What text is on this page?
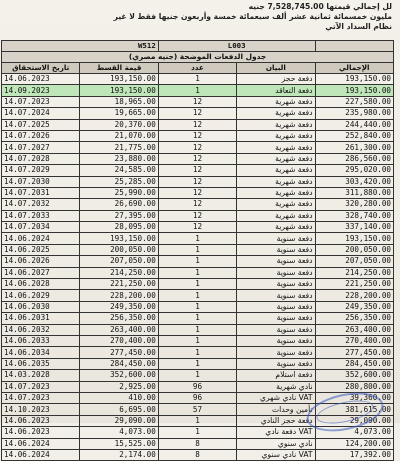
لل إجمالي قيمتها 7,528,745.00 جنيه
مليون خمسمائة ثمانية عشر ألف سبعمائة خمسة وأربعون جنيها فقط لا غير
نظام السداد الآتي
W512		L003		
جدول الدفعات الموضحة (جنيه مصري)				
تاريخ الاستحقاق	قيمة القسط	عدد	البيان	الإجمالي
14.06.2023	193,150.00	1	دفعة حجز	193,150.00
14.09.2023	193,150.00	1	دفعة التعاقد	193,150.00
14.07.2023	18,965.00	12	دفعة شهرية	227,580.00
14.07.2024	19,665.00	12	دفعة شهرية	235,980.00
14.07.2025	20,370.00	12	دفعة شهرية	244,440.00
14.07.2026	21,070.00	12	دفعة شهرية	252,840.00
14.07.2027	21,775.00	12	دفعة شهرية	261,300.00
14.07.2028	23,880.00	12	دفعة شهرية	286,560.00
14.07.2029	24,585.00	12	دفعة شهرية	295,020.00
14.07.2030	25,285.00	12	دفعة شهرية	303,420.00
14.07.2031	25,990.00	12	دفعة شهرية	311,880.00
14.07.2032	26,690.00	12	دفعة شهرية	320,280.00
14.07.2033	27,395.00	12	دفعة شهرية	328,740.00
14.07.2034	28,095.00	12	دفعة شهرية	337,140.00
14.06.2024	193,150.00	1	دفعة سنوية	193,150.00
14.06.2025	200,050.00	1	دفعة سنوية	200,050.00
14.06.2026	207,050.00	1	دفعة سنوية	207,050.00
14.06.2027	214,250.00	1	دفعة سنوية	214,250.00
14.06.2028	221,250.00	1	دفعة سنوية	221,250.00
14.06.2029	228,200.00	1	دفعة سنوية	228,200.00
14.06.2030	249,350.00	1	دفعة سنوية	249,350.00
14.06.2031	256,350.00	1	دفعة سنوية	256,350.00
14.06.2032	263,400.00	1	دفعة سنوية	263,400.00
14.06.2033	270,400.00	1	دفعة سنوية	270,400.00
14.06.2034	277,450.00	1	دفعة سنوية	277,450.00
14.06.2035	284,450.00	1	دفعة سنوية	284,450.00
14.03.2028	352,600.00	1	دفعة استلام	352,600.00
14.07.2023	2,925.00	96	نادي شهرية	280,800.00
14.07.2023	410.00	96	VAT نادي شهري	39,360.00
14.10.2023	6,695.00	57	تأمين وحدات	381,615.00
14.06.2023	29,090.00	1	دفعة حجز النادي	29,090.00
14.06.2023	4,073.00	1	VAT دفعة نادي	4,073.00
14.06.2024	15,525.00	8	نادي سنوي	124,200.00
14.06.2024	2,174.00	8	VAT نادي سنوي	17,392.00
